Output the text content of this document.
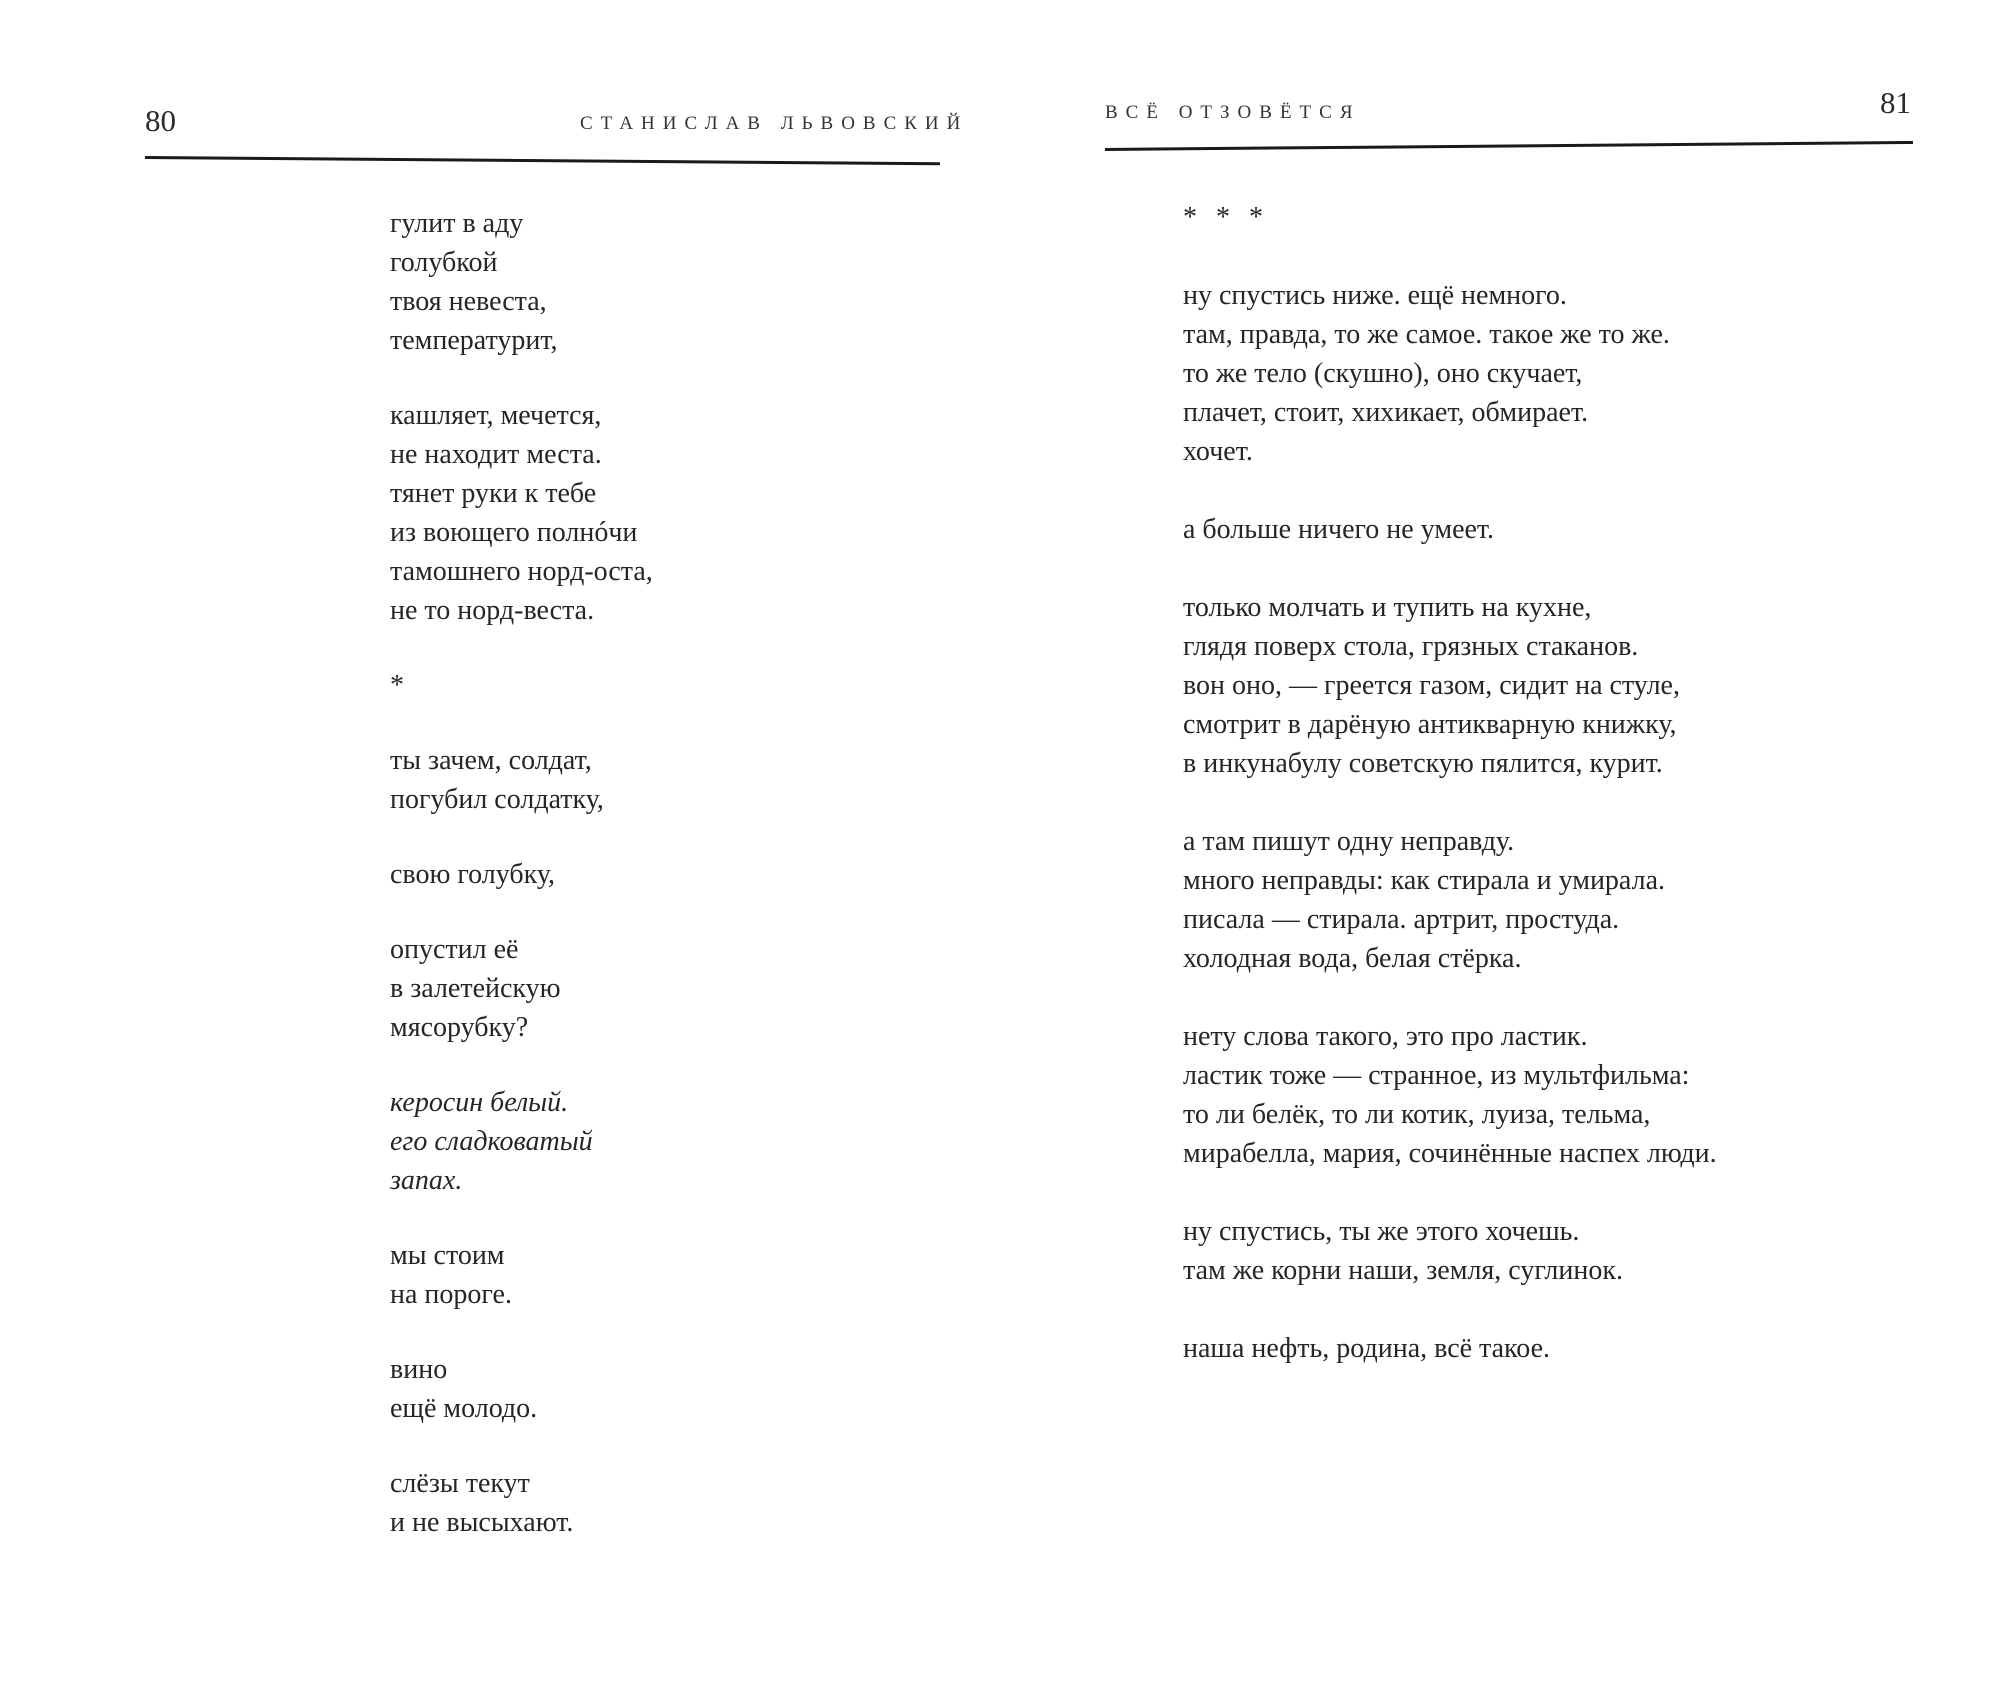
80	СТАНИСЛАВ ЛЬВОВСКИЙ
гулит в аду
голубкой
твоя невеста,
температурит,
кашляет, мечется,
не находит места.
тянет руки к тебе
из воющего полнóчи
тамошнего норд-оста,
не то норд-веста.
*
ты зачем, солдат,
погубил солдатку,
свою голубку,
опустил её
в залетейскую
мясорубку?
керосин белый.
его сладковатый
запах.
мы стоим
на пороге.
вино
ещё молодо.
слёзы текут
и не высыхают.
ВСЁ ОТЗОВЁТСЯ	81
* * *
ну спустись ниже. ещё немного.
там, правда, то же самое. такое же то же.
то же тело (скушно), оно скучает,
плачет, стоит, хихикает, обмирает.
хочет.
а больше ничего не умеет.
только молчать и тупить на кухне,
глядя поверх стола, грязных стаканов.
вон оно, — греется газом, сидит на стуле,
смотрит в дарёную антикварную книжку,
в инкунабулу советскую пялится, курит.
а там пишут одну неправду.
много неправды: как стирала и умирала.
писала — стирала. артрит, простуда.
холодная вода, белая стёрка.
нету слова такого, это про ластик.
ластик тоже — странное, из мультфильма:
то ли белёк, то ли котик, луиза, тельма,
мирабелла, мария, сочинённые наспех люди.
ну спустись, ты же этого хочешь.
там же корни наши, земля, суглинок.
наша нефть, родина, всё такое.
